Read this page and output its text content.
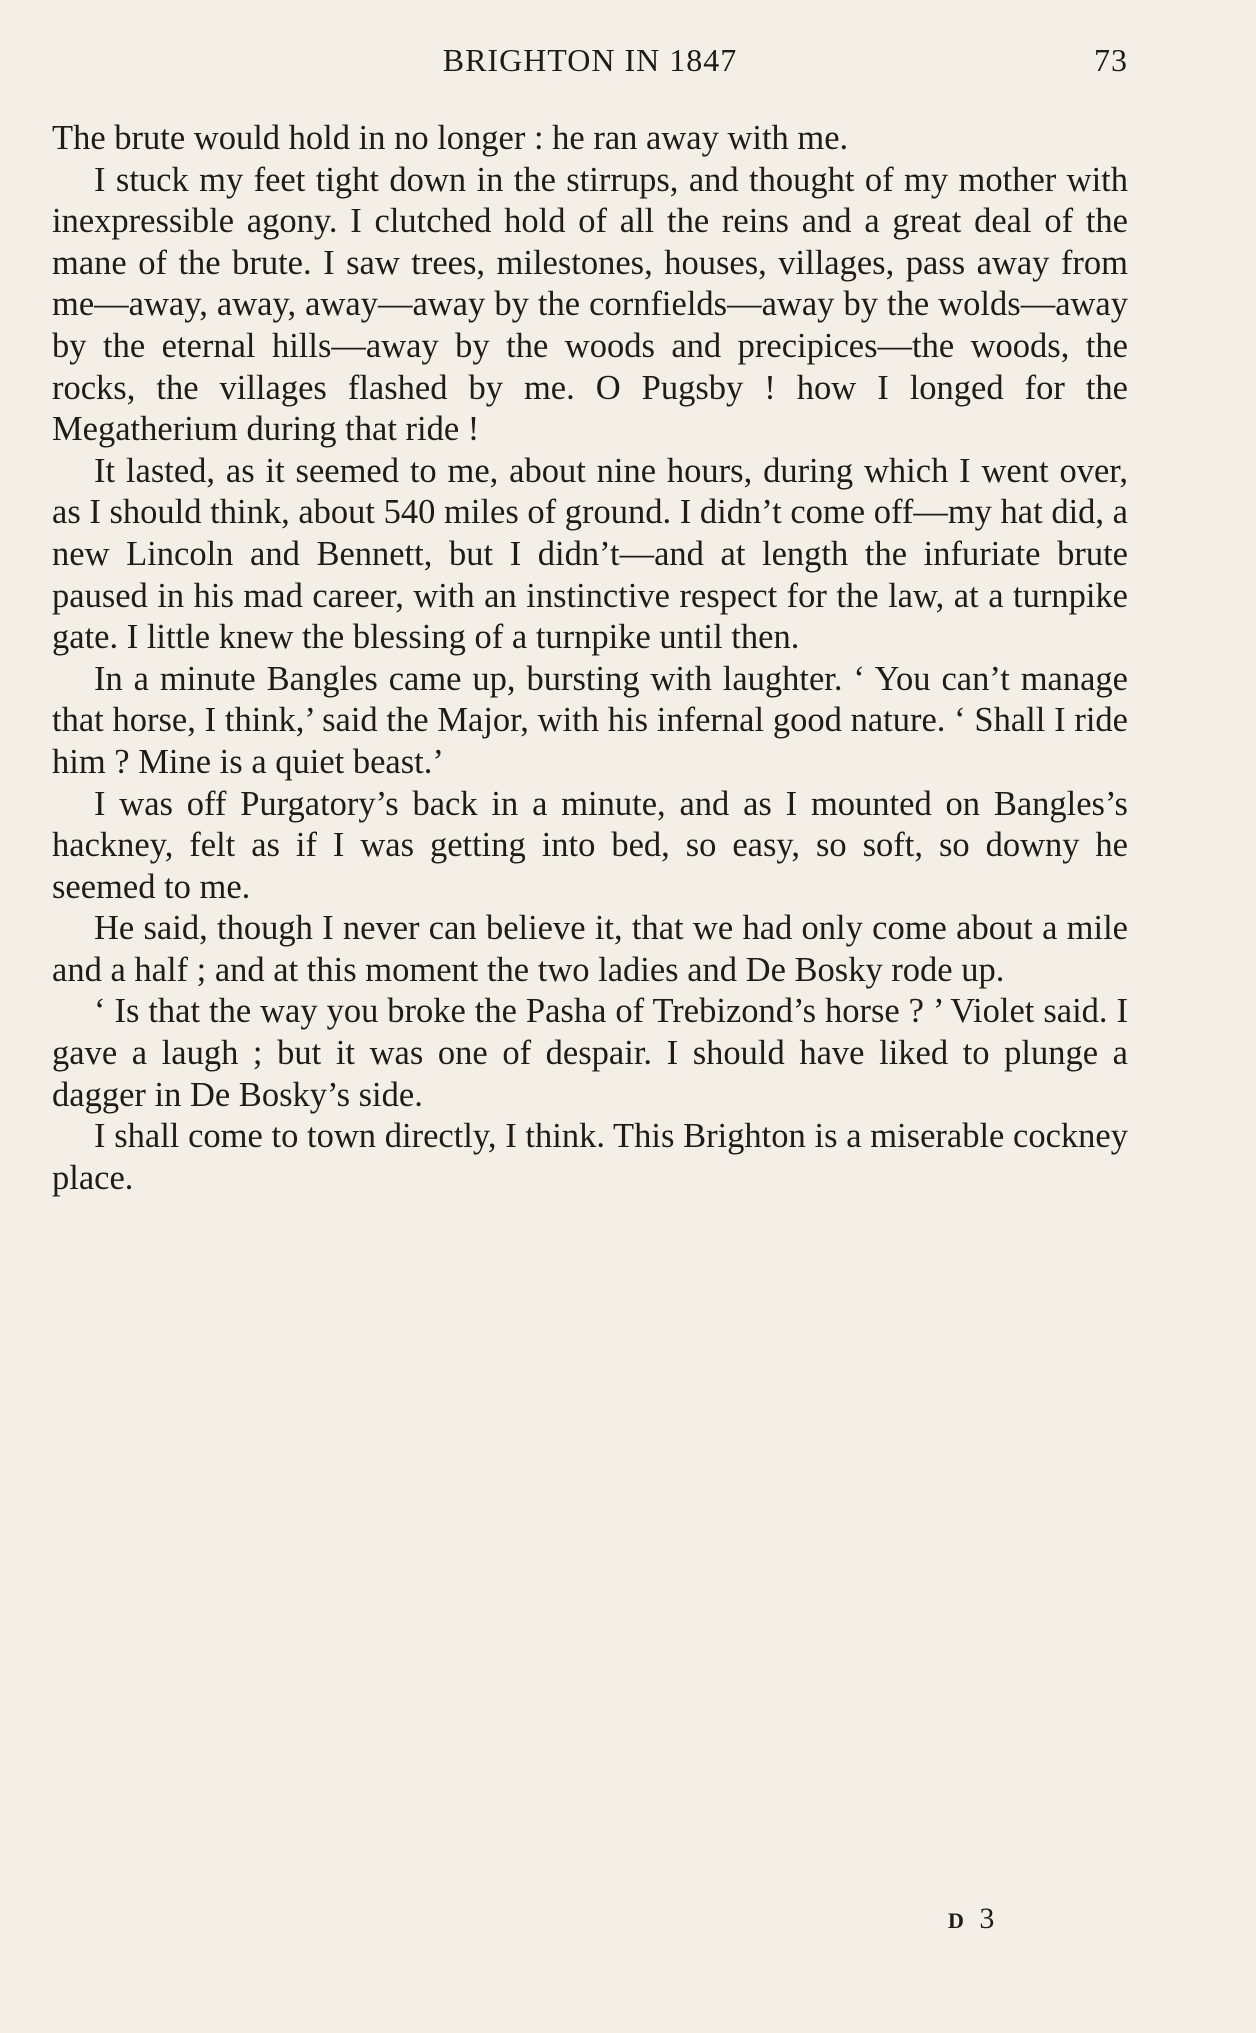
BRIGHTON IN 1847	73

The brute would hold in no longer : he ran away with me.

I stuck my feet tight down in the stirrups, and thought of my mother with inexpressible agony. I clutched hold of all the reins and a great deal of the mane of the brute. I saw trees, milestones, houses, villages, pass away from me—away, away, away—away by the cornfields—away by the wolds—away by the eternal hills—away by the woods and precipices—the woods, the rocks, the villages flashed by me. O Pugsby ! how I longed for the Megatherium during that ride !

It lasted, as it seemed to me, about nine hours, during which I went over, as I should think, about 540 miles of ground. I didn’t come off—my hat did, a new Lincoln and Bennett, but I didn’t—and at length the infuriate brute paused in his mad career, with an instinctive respect for the law, at a turnpike gate. I little knew the blessing of a turnpike until then.

In a minute Bangles came up, bursting with laughter. ‘ You can’t manage that horse, I think,’ said the Major, with his infernal good nature. ‘ Shall I ride him ? Mine is a quiet beast.’

I was off Purgatory’s back in a minute, and as I mounted on Bangles’s hackney, felt as if I was getting into bed, so easy, so soft, so downy he seemed to me.

He said, though I never can believe it, that we had only come about a mile and a half ; and at this moment the two ladies and De Bosky rode up.

‘ Is that the way you broke the Pasha of Trebizond’s horse ? ’ Violet said. I gave a laugh ; but it was one of despair. I should have liked to plunge a dagger in De Bosky’s side.

I shall come to town directly, I think. This Brighton is a miserable cockney place.

D 3
